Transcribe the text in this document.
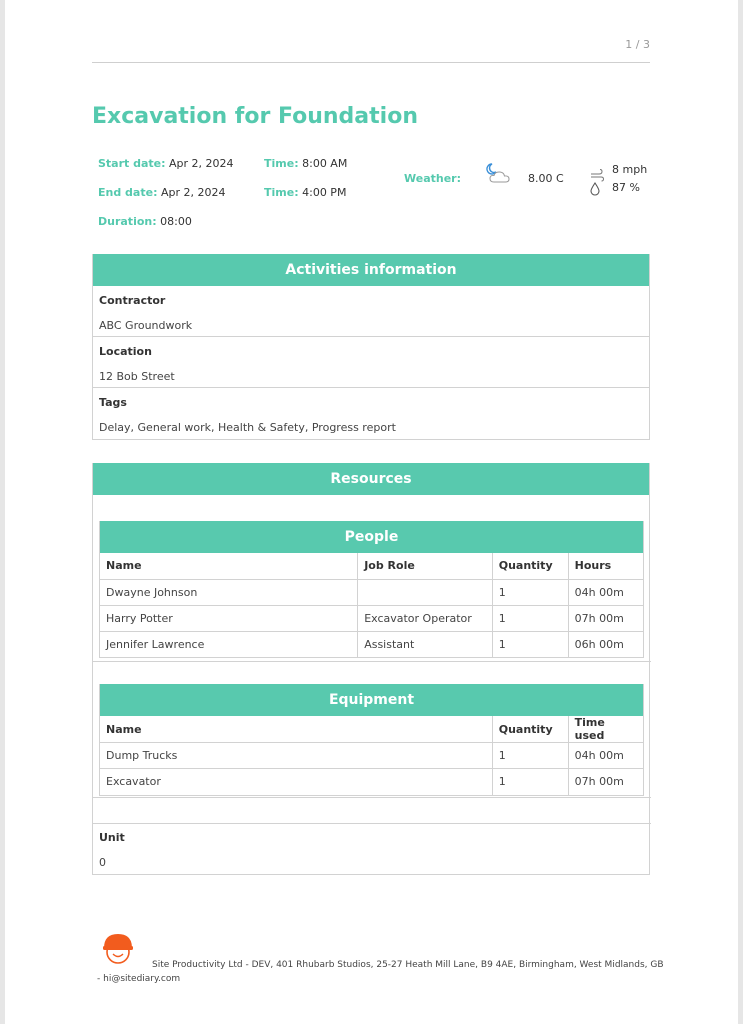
1 / 3
Excavation for Foundation
Start date: Apr 2, 2024	Time: 8:00 AM
End date: Apr 2, 2024	Time: 4:00 PM
Duration: 08:00
Weather:	8.00 C
8 mph
87 %
Activities information
Contractor
ABC Groundwork
Location
12 Bob Street
Tags
Delay, General work, Health & Safety, Progress report
Resources
People
Name	Job Role	Quantity	Hours
Dwayne Johnson		1	04h 00m
Harry Potter	Excavator Operator	1	07h 00m
Jennifer Lawrence	Assistant	1	06h 00m
Equipment
Name	Quantity	Time used
Dump Trucks	1	04h 00m
Excavator	1	07h 00m
Unit
0
Site Productivity Ltd - DEV, 401 Rhubarb Studios, 25-27 Heath Mill Lane, B9 4AE, Birmingham, West Midlands, GB
- hi@sitediary.com
